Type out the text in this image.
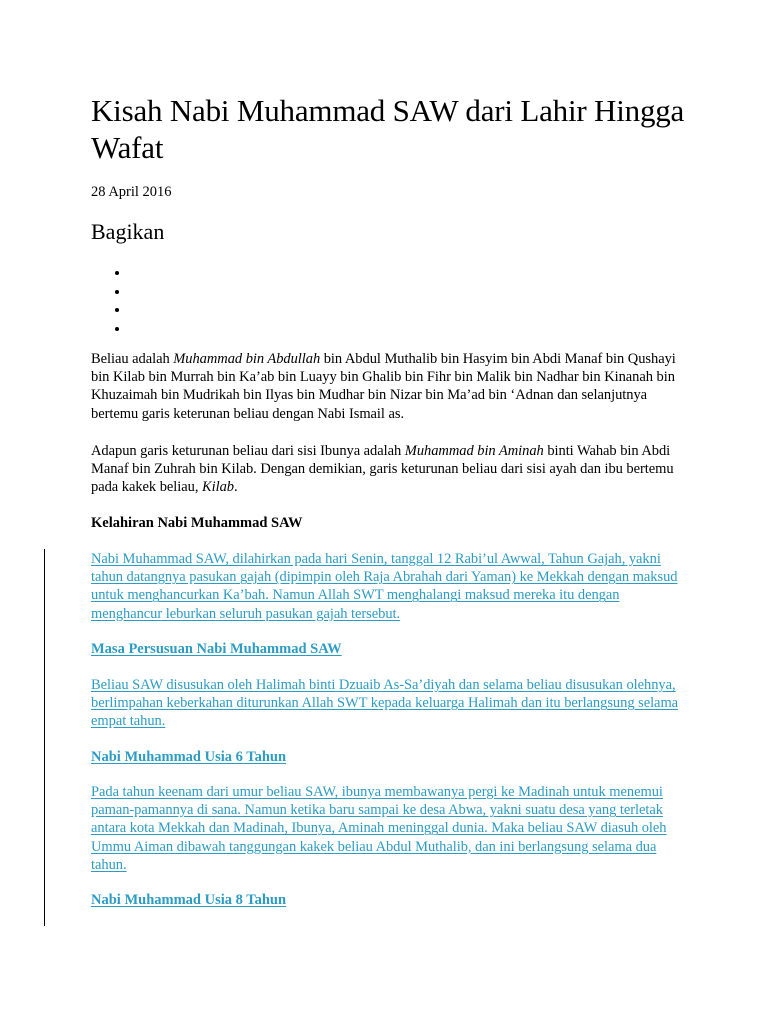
Kisah Nabi Muhammad SAW dari Lahir Hingga Wafat

28 April 2016

Bagikan

Beliau adalah Muhammad bin Abdullah bin Abdul Muthalib bin Hasyim bin Abdi Manaf bin Qushayi bin Kilab bin Murrah bin Ka’ab bin Luayy bin Ghalib bin Fihr bin Malik bin Nadhar bin Kinanah bin Khuzaimah bin Mudrikah bin Ilyas bin Mudhar bin Nizar bin Ma’ad bin ‘Adnan dan selanjutnya bertemu garis keterunan beliau dengan Nabi Ismail as.

Adapun garis keturunan beliau dari sisi Ibunya adalah Muhammad bin Aminah binti Wahab bin Abdi Manaf bin Zuhrah bin Kilab. Dengan demikian, garis keturunan beliau dari sisi ayah dan ibu bertemu pada kakek beliau, Kilab.

Kelahiran Nabi Muhammad SAW

Nabi Muhammad SAW, dilahirkan pada hari Senin, tanggal 12 Rabi’ul Awwal, Tahun Gajah, yakni tahun datangnya pasukan gajah (dipimpin oleh Raja Abrahah dari Yaman) ke Mekkah dengan maksud untuk menghancurkan Ka’bah. Namun Allah SWT menghalangi maksud mereka itu dengan menghancur leburkan seluruh pasukan gajah tersebut.

Masa Persusuan Nabi Muhammad SAW

Beliau SAW disusukan oleh Halimah binti Dzuaib As-Sa’diyah dan selama beliau disusukan olehnya, berlimpahan keberkahan diturunkan Allah SWT kepada keluarga Halimah dan itu berlangsung selama empat tahun.

Nabi Muhammad Usia 6 Tahun

Pada tahun keenam dari umur beliau SAW, ibunya membawanya pergi ke Madinah untuk menemui paman-pamannya di sana. Namun ketika baru sampai ke desa Abwa, yakni suatu desa yang terletak antara kota Mekkah dan Madinah, Ibunya, Aminah meninggal dunia. Maka beliau SAW diasuh oleh Ummu Aiman dibawah tanggungan kakek beliau Abdul Muthalib, dan ini berlangsung selama dua tahun.

Nabi Muhammad Usia 8 Tahun
